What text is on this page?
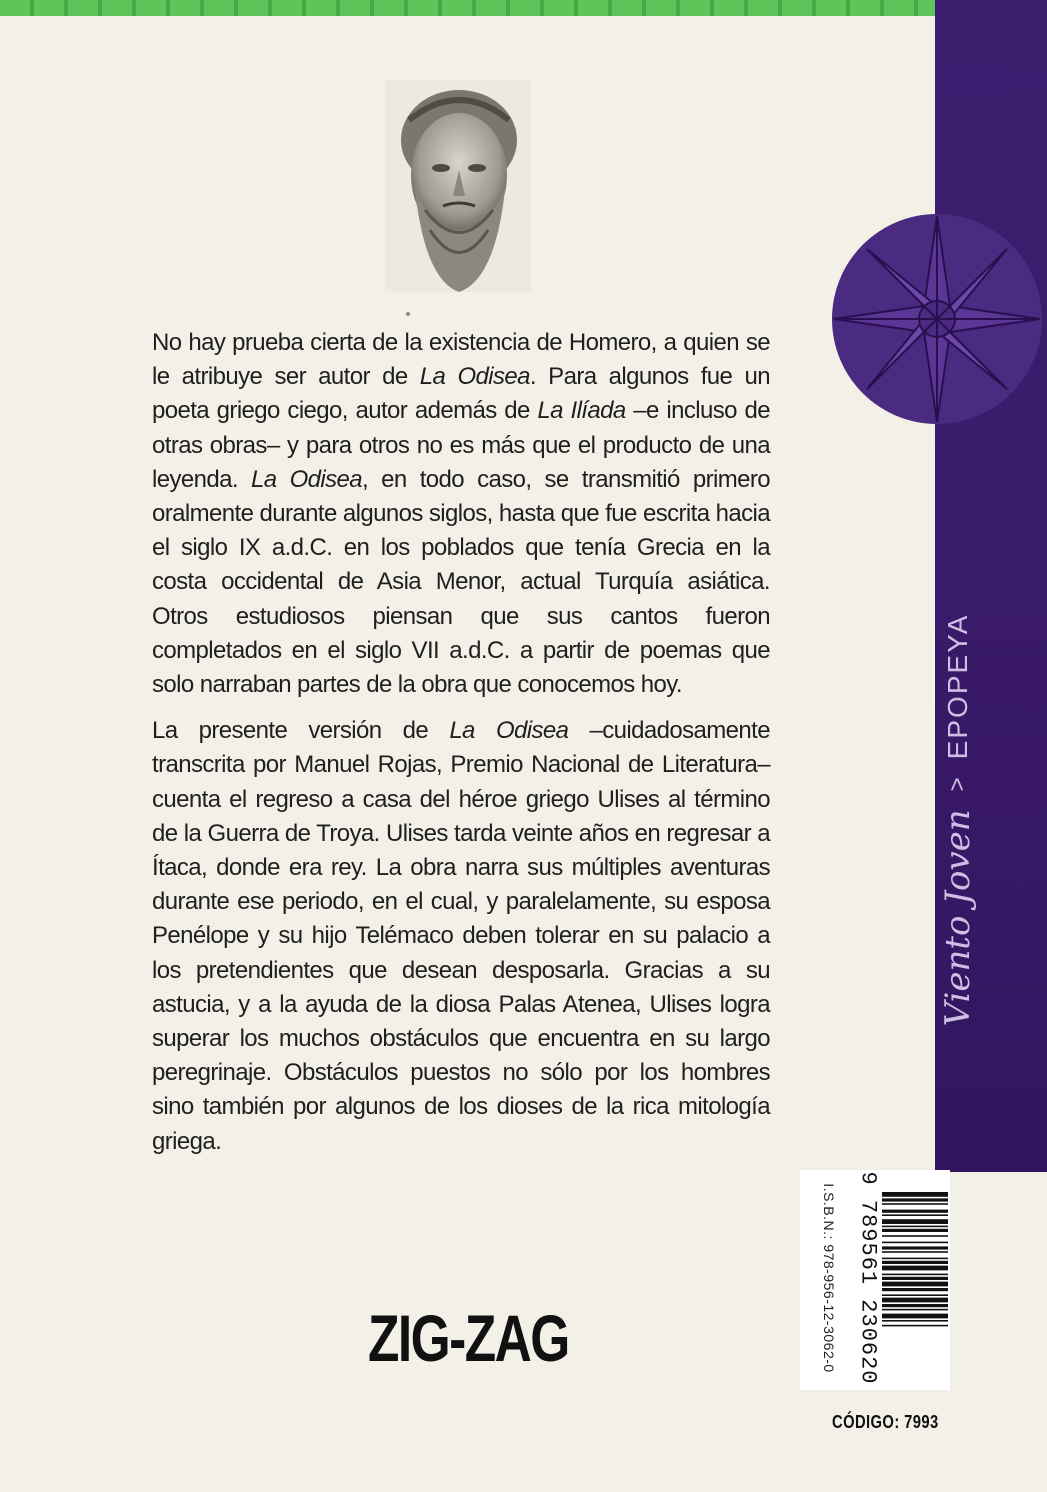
Viento Joven
>
EPOPEYA

No hay prueba cierta de la existencia de Homero, a quien se le atribuye ser autor de La Odisea. Para algunos fue un poeta griego ciego, autor además de La Ilíada –e incluso de otras obras– y para otros no es más que el producto de una leyenda. La Odisea, en todo caso, se transmitió primero oralmente durante algunos siglos, hasta que fue escrita hacia el siglo IX a.d.C. en los poblados que tenía Grecia en la costa occidental de Asia Menor, actual Turquía asiática. Otros estudiosos piensan que sus cantos fueron completados en el siglo VII a.d.C. a partir de poemas que solo narraban partes de la obra que conocemos hoy.

La presente versión de La Odisea –cuidadosamente transcrita por Manuel Rojas, Premio Nacional de Literatura– cuenta el regreso a casa del héroe griego Ulises al término de la Guerra de Troya. Ulises tarda veinte años en regresar a Ítaca, donde era rey. La obra narra sus múltiples aventuras durante ese periodo, en el cual, y paralelamente, su esposa Penélope y su hijo Telémaco deben tolerar en su palacio a los pretendientes que desean desposarla. Gracias a su astucia, y a la ayuda de la diosa Palas Atenea, Ulises logra superar los muchos obstáculos que encuentra en su largo peregrinaje. Obstáculos puestos no sólo por los hombres sino también por algunos de los dioses de la rica mitología griega.

ZIG-ZAG	I.S.B.N.: 978-956-12-3062-0 9 789561 230620
CÓDIGO: 7993
